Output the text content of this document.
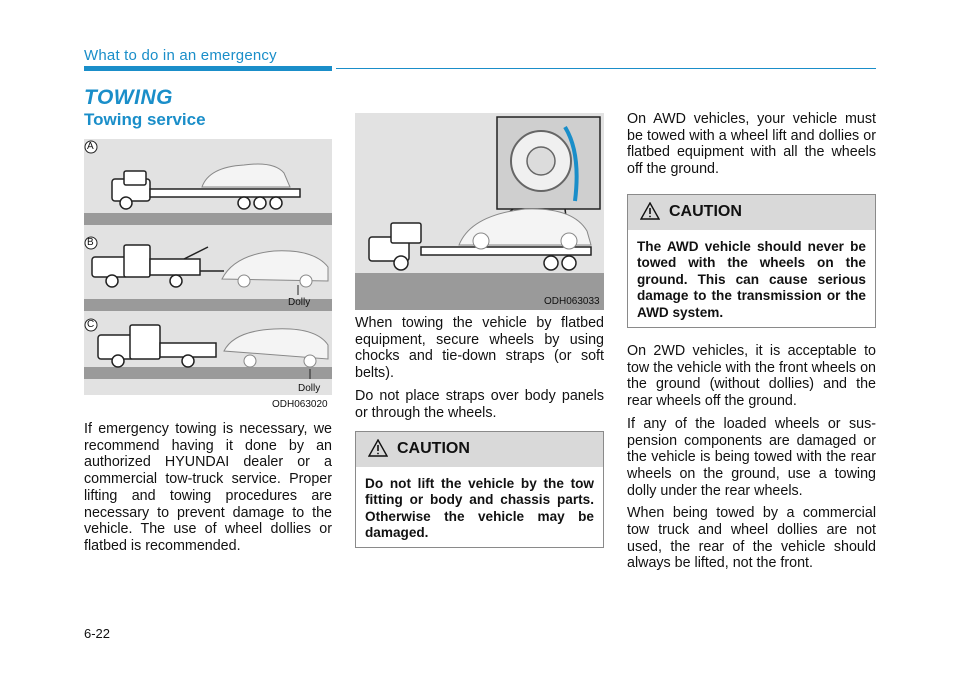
What to do in an emergency
TOWING
Towing service
A
B
C
Dolly
Dolly
ODH063020
If emergency towing is necessary, we recommend having it done by an authorized HYUNDAI dealer or a commercial tow-truck service. Proper lifting and towing procedures are necessary to prevent damage to the vehicle. The use of wheel dollies or flatbed is recommended.
ODH063033

When towing the vehicle by flatbed equipment, secure wheels by using chocks and tie-down straps (or soft belts).

Do not place straps over body panels or through the wheels.

CAUTION
Do not lift the vehicle by the tow fitting or body and chassis parts. Otherwise the vehicle may be damaged.
On AWD vehicles, your vehicle must be towed with a wheel lift and dollies or flatbed equipment with all the wheels off the ground.
CAUTION
The AWD vehicle should never be towed with the wheels on the ground. This can cause serious damage to the transmission or the AWD system.

On 2WD vehicles, it is acceptable to tow the vehicle with the front wheels on the ground (without dollies) and the rear wheels off the ground.

If any of the loaded wheels or sus-pension components are damaged or the vehicle is being towed with the rear wheels on the ground, use a towing dolly under the rear wheels.

When being towed by a commercial tow truck and wheel dollies are not used, the rear of the vehicle should always be lifted, not the front.

6-22
